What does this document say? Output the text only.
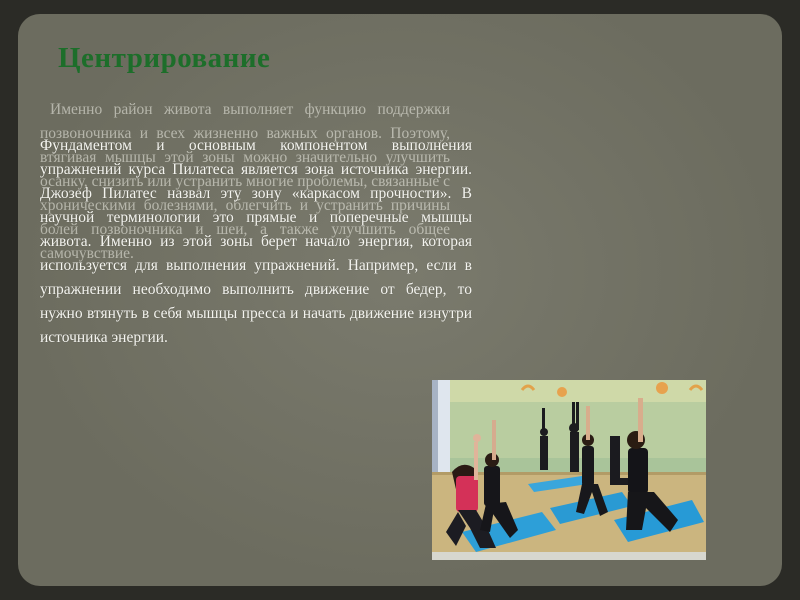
Центрирование

Именно район живота выполняет функцию поддержки позвоночника и всех жизненно важных органов. Поэтому, втягивая мышцы этой зоны можно значительно улучшить осанку, снизить или устранить многие проблемы, связанные с хроническими болезнями, облегчить и устранить причины болей позвоночника и шеи, а также улучшить общее самочувствие.

Фундаментом и основным компонентом выполнения упражнений курса Пилатеса является зона источника энергии. Джозеф Пилатес назвал эту зону «каркасом прочности». В научной терминологии это прямые и поперечные мышцы живота. Именно из этой зоны берет начало энергия, которая используется для выполнения упражнений. Например, если в упражнении необходимо выполнить движение от бедер, то нужно втянуть в себя мышцы пресса и начать движение изнутри источника энергии.
